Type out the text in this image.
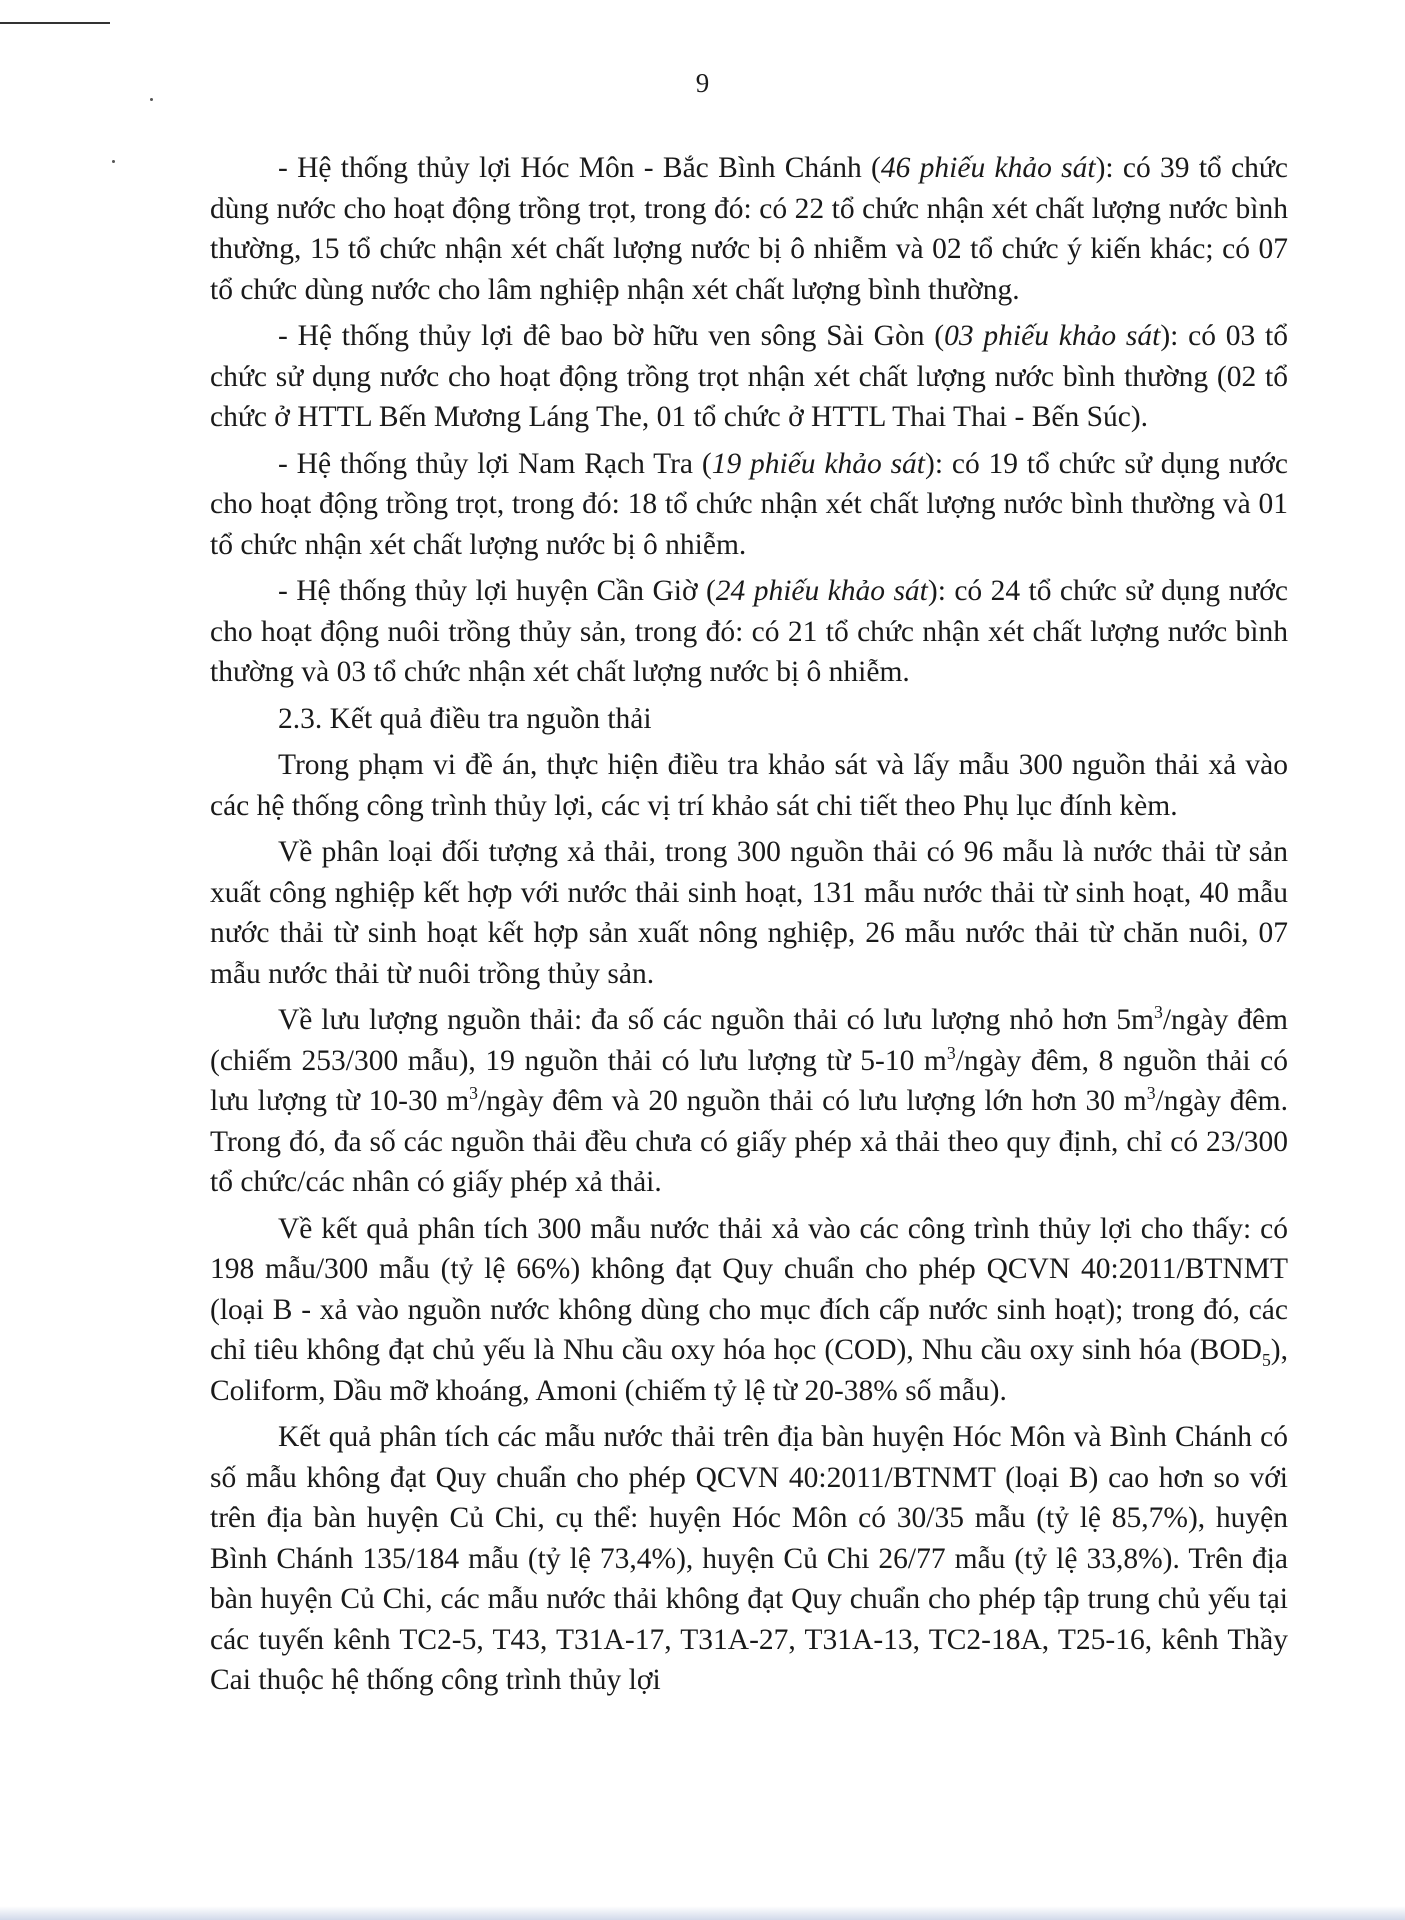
9

- Hệ thống thủy lợi Hóc Môn - Bắc Bình Chánh (46 phiếu khảo sát): có 39 tổ chức dùng nước cho hoạt động trồng trọt, trong đó: có 22 tổ chức nhận xét chất lượng nước bình thường, 15 tổ chức nhận xét chất lượng nước bị ô nhiễm và 02 tổ chức ý kiến khác; có 07 tổ chức dùng nước cho lâm nghiệp nhận xét chất lượng bình thường.

- Hệ thống thủy lợi đê bao bờ hữu ven sông Sài Gòn (03 phiếu khảo sát): có 03 tổ chức sử dụng nước cho hoạt động trồng trọt nhận xét chất lượng nước bình thường (02 tổ chức ở HTTL Bến Mương Láng The, 01 tổ chức ở HTTL Thai Thai - Bến Súc).

- Hệ thống thủy lợi Nam Rạch Tra (19 phiếu khảo sát): có 19 tổ chức sử dụng nước cho hoạt động trồng trọt, trong đó: 18 tổ chức nhận xét chất lượng nước bình thường và 01 tổ chức nhận xét chất lượng nước bị ô nhiễm.

- Hệ thống thủy lợi huyện Cần Giờ (24 phiếu khảo sát): có 24 tổ chức sử dụng nước cho hoạt động nuôi trồng thủy sản, trong đó: có 21 tổ chức nhận xét chất lượng nước bình thường và 03 tổ chức nhận xét chất lượng nước bị ô nhiễm.

2.3. Kết quả điều tra nguồn thải

Trong phạm vi đề án, thực hiện điều tra khảo sát và lấy mẫu 300 nguồn thải xả vào các hệ thống công trình thủy lợi, các vị trí khảo sát chi tiết theo Phụ lục đính kèm.

Về phân loại đối tượng xả thải, trong 300 nguồn thải có 96 mẫu là nước thải từ sản xuất công nghiệp kết hợp với nước thải sinh hoạt, 131 mẫu nước thải từ sinh hoạt, 40 mẫu nước thải từ sinh hoạt kết hợp sản xuất nông nghiệp, 26 mẫu nước thải từ chăn nuôi, 07 mẫu nước thải từ nuôi trồng thủy sản.

Về lưu lượng nguồn thải: đa số các nguồn thải có lưu lượng nhỏ hơn $5m^3$/ngày đêm (chiếm 253/300 mẫu), 19 nguồn thải có lưu lượng từ 5-10 $m^3$/ngày đêm, 8 nguồn thải có lưu lượng từ 10-30 $m^3$/ngày đêm và 20 nguồn thải có lưu lượng lớn hơn 30 $m^3$/ngày đêm. Trong đó, đa số các nguồn thải đều chưa có giấy phép xả thải theo quy định, chỉ có 23/300 tổ chức/các nhân có giấy phép xả thải.

Về kết quả phân tích 300 mẫu nước thải xả vào các công trình thủy lợi cho thấy: có 198 mẫu/300 mẫu (tỷ lệ 66%) không đạt Quy chuẩn cho phép QCVN 40:2011/BTNMT (loại B - xả vào nguồn nước không dùng cho mục đích cấp nước sinh hoạt); trong đó, các chỉ tiêu không đạt chủ yếu là Nhu cầu oxy hóa học (COD), Nhu cầu oxy sinh hóa $(BOD_5)$, Coliform, Dầu mỡ khoáng, Amoni (chiếm tỷ lệ từ 20-38% số mẫu).

Kết quả phân tích các mẫu nước thải trên địa bàn huyện Hóc Môn và Bình Chánh có số mẫu không đạt Quy chuẩn cho phép QCVN 40:2011/BTNMT (loại B) cao hơn so với trên địa bàn huyện Củ Chi, cụ thể: huyện Hóc Môn có 30/35 mẫu (tỷ lệ 85,7%), huyện Bình Chánh 135/184 mẫu (tỷ lệ 73,4%), huyện Củ Chi 26/77 mẫu (tỷ lệ 33,8%). Trên địa bàn huyện Củ Chi, các mẫu nước thải không đạt Quy chuẩn cho phép tập trung chủ yếu tại các tuyến kênh TC2-5, T43, T31A-17, T31A-27, T31A-13, TC2-18A, T25-16, kênh Thầy Cai thuộc hệ thống công trình thủy lợi
